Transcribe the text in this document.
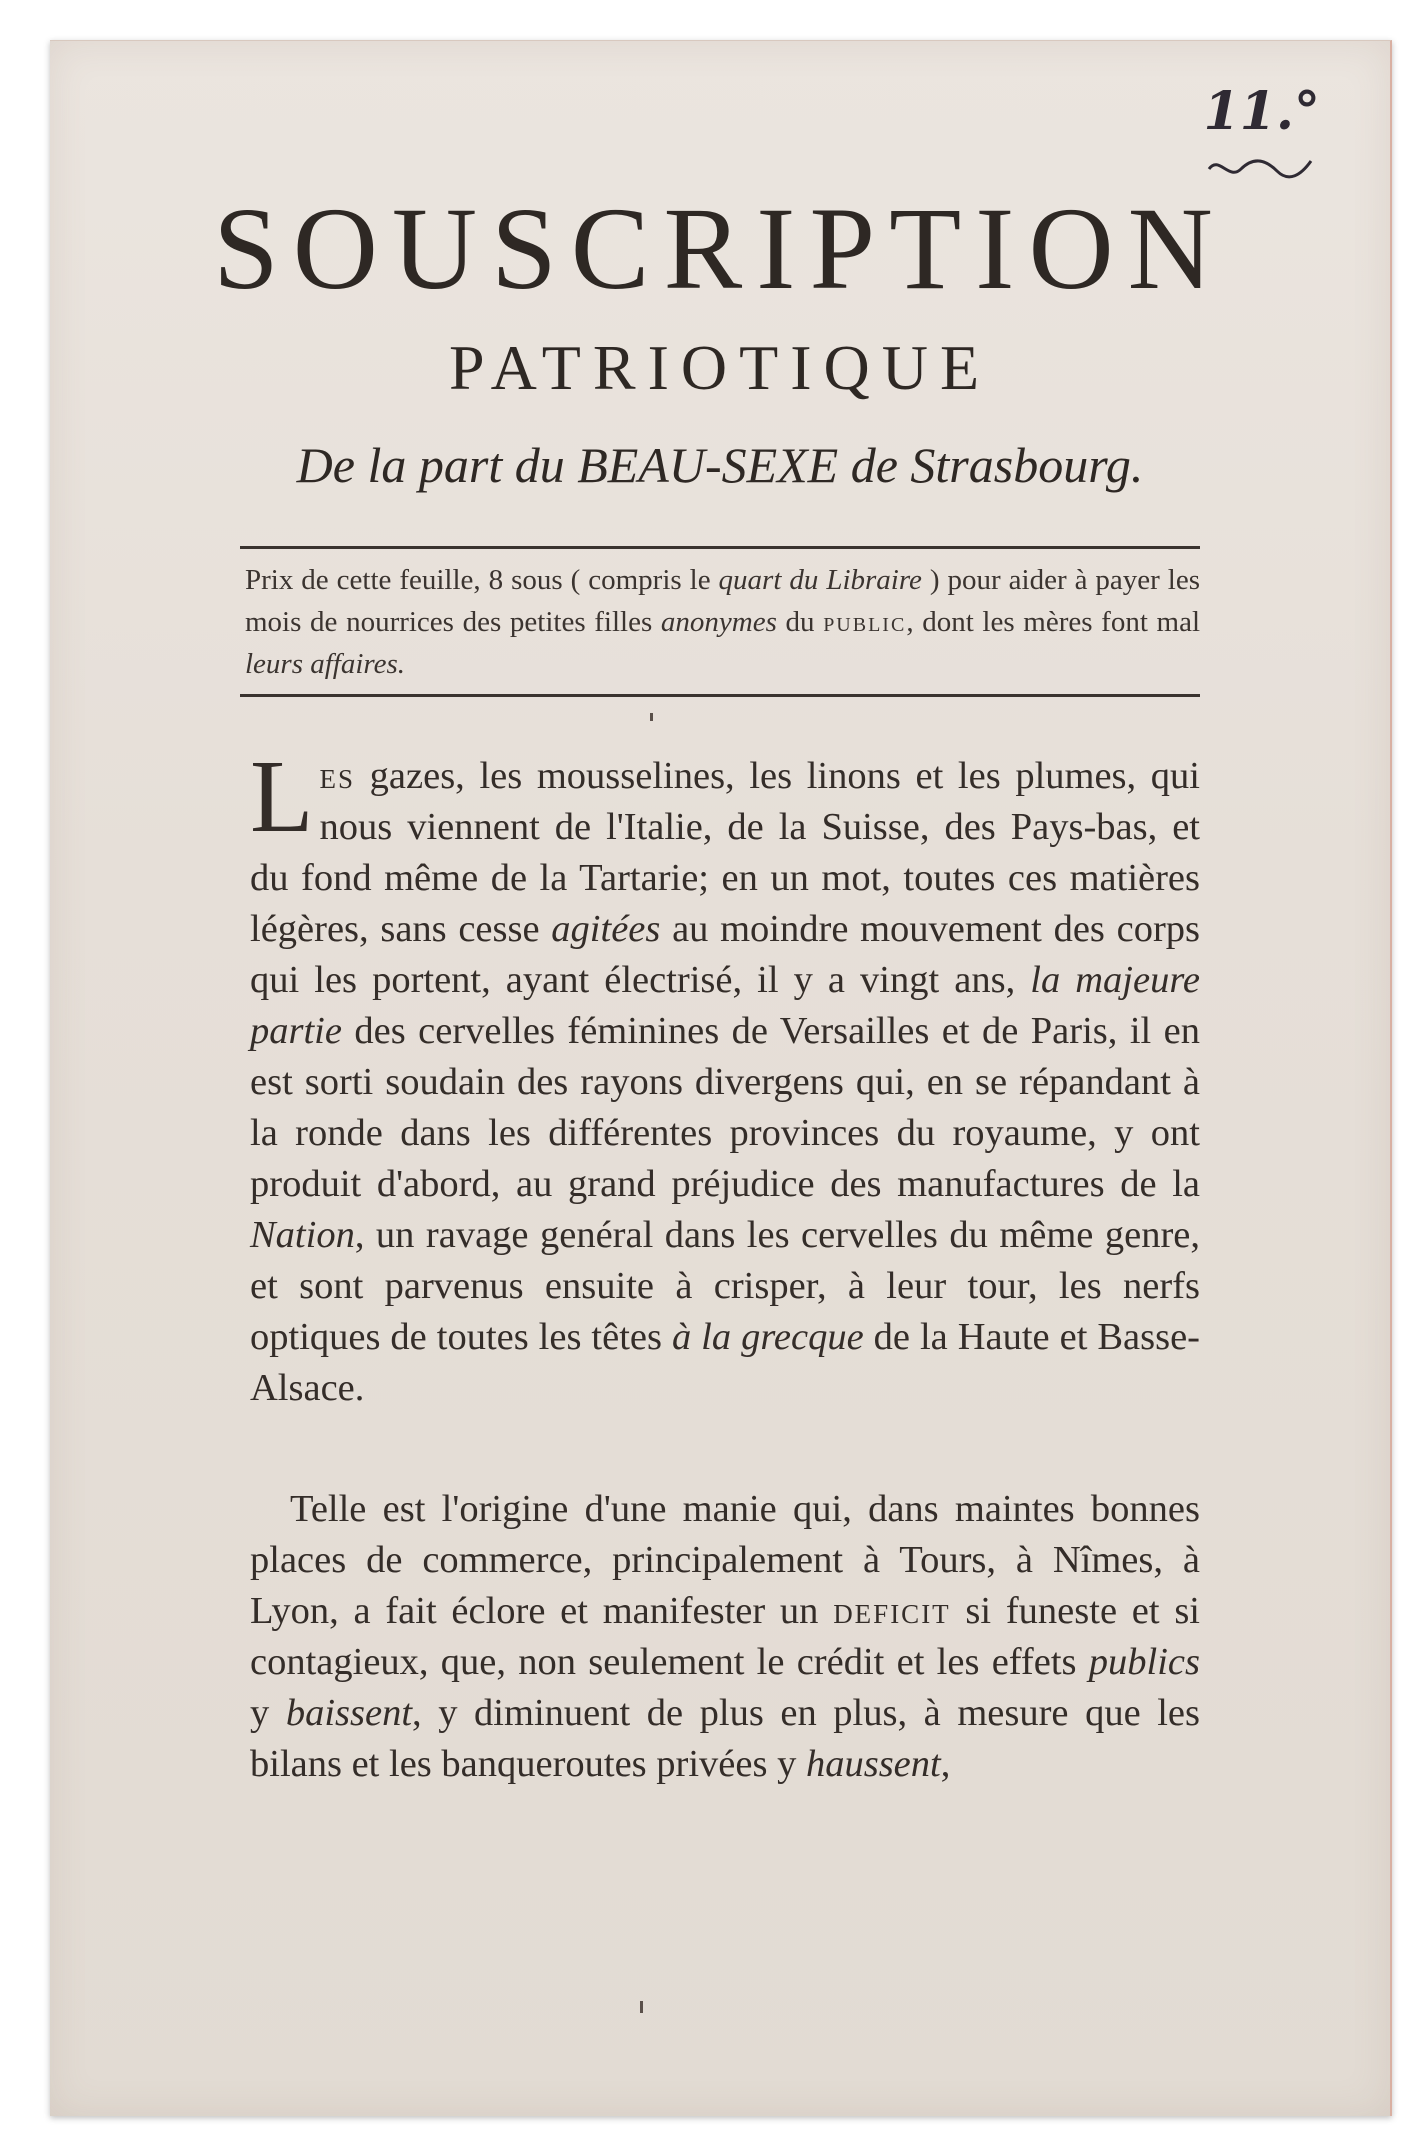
11.°
SOUSCRIPTION
PATRIOTIQUE
De la part du BEAU-SEXE de Strasbourg.
Prix de cette feuille, 8 sous ( compris le quart du Libraire ) pour aider à payer les mois de nourrices des petites filles anonymes du public, dont les mères font mal leurs affaires.

Les gazes, les mousselines, les linons et les plumes, qui nous viennent de l'Italie, de la Suisse, des Pays-bas, et du fond même de la Tartarie; en un mot, toutes ces matières légères, sans cesse agitées au moindre mouvement des corps qui les portent, ayant électrisé, il y a vingt ans, la majeure partie des cervelles féminines de Versailles et de Paris, il en est sorti soudain des rayons divergens qui, en se répandant à la ronde dans les différentes provinces du royaume, y ont produit d'abord, au grand préjudice des manufactures de la Nation, un ravage genéral dans les cervelles du même genre, et sont parvenus ensuite à crisper, à leur tour, les nerfs optiques de toutes les têtes à la grecque de la Haute et Basse-Alsace.

Telle est l'origine d'une manie qui, dans maintes bonnes places de commerce, principalement à Tours, à Nîmes, à Lyon, a fait éclore et manifester un deficit si funeste et si contagieux, que, non seulement le crédit et les effets publics y baissent, y diminuent de plus en plus, à mesure que les bilans et les banqueroutes privées y haussent,
